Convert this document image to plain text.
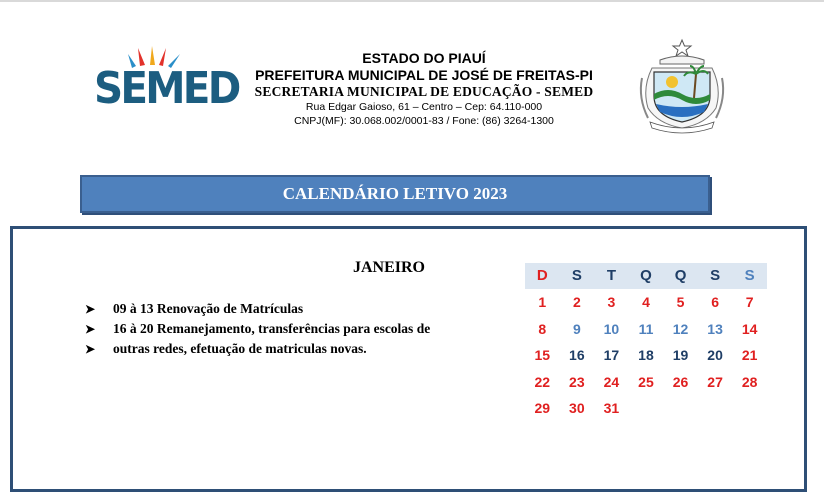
SEMED
ESTADO DO PIAUÍ
PREFEITURA MUNICIPAL DE JOSÉ DE FREITAS-PI
SECRETARIA MUNICIPAL DE EDUCAÇÃO - SEMED
Rua Edgar Gaioso, 61 – Centro – Cep: 64.110-000
CNPJ(MF): 30.068.002/0001-83 / Fone: (86) 3264-1300
CALENDÁRIO LETIVO 2023
JANEIRO
➤ 09 à 13 Renovação de Matrículas
➤ 16 à 20 Remanejamento, transferências para escolas de
➤ outras redes, efetuação de matriculas novas.
D	S	T	Q	Q	S	S
1	2	3	4	5	6	7
8	9	10	11	12	13	14
15	16	17	18	19	20	21
22	23	24	25	26	27	28
29	30	31
